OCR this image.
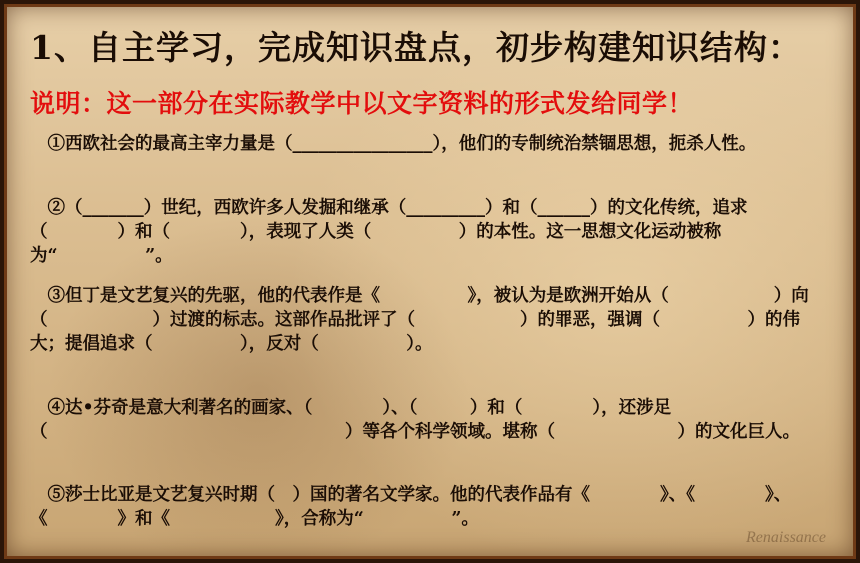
1、自主学习，完成知识盘点，初步构建知识结构：

说明：这一部分在实际教学中以文字资料的形式发给同学！

　①西欧社会的最高主宰力量是（________________），他们的专制统治禁锢思想，扼杀人性。

　②（_______）世纪，西欧许多人发掘和继承（_________）和（______）的文化传统，追求（　　　　）和（　　　　），表现了人类（　　　　　）的本性。这一思想文化运动被称为“　　　　　”。

　③但丁是文艺复兴的先驱，他的代表作是《　　　　　》，被认为是欧洲开始从（　　　　　　）向（　　　　　　）过渡的标志。这部作品批评了（　　　　　　）的罪恶，强调（　　　　　）的伟大；提倡追求（　　　　　），反对（　　　　　）。

　④达•芬奇是意大利著名的画家、（　　　　）、（　　　）和（　　　　），还涉足（　　　　　　　　　　　　　　　　　）等各个科学领域。堪称（　　　　　　　）的文化巨人。

　⑤莎士比亚是文艺复兴时期（　）国的著名文学家。他的代表作品有《　　　　》、《　　　　》、《　　　　》和《　　　　　　》，合称为“　　　　　”。

Renaissance
